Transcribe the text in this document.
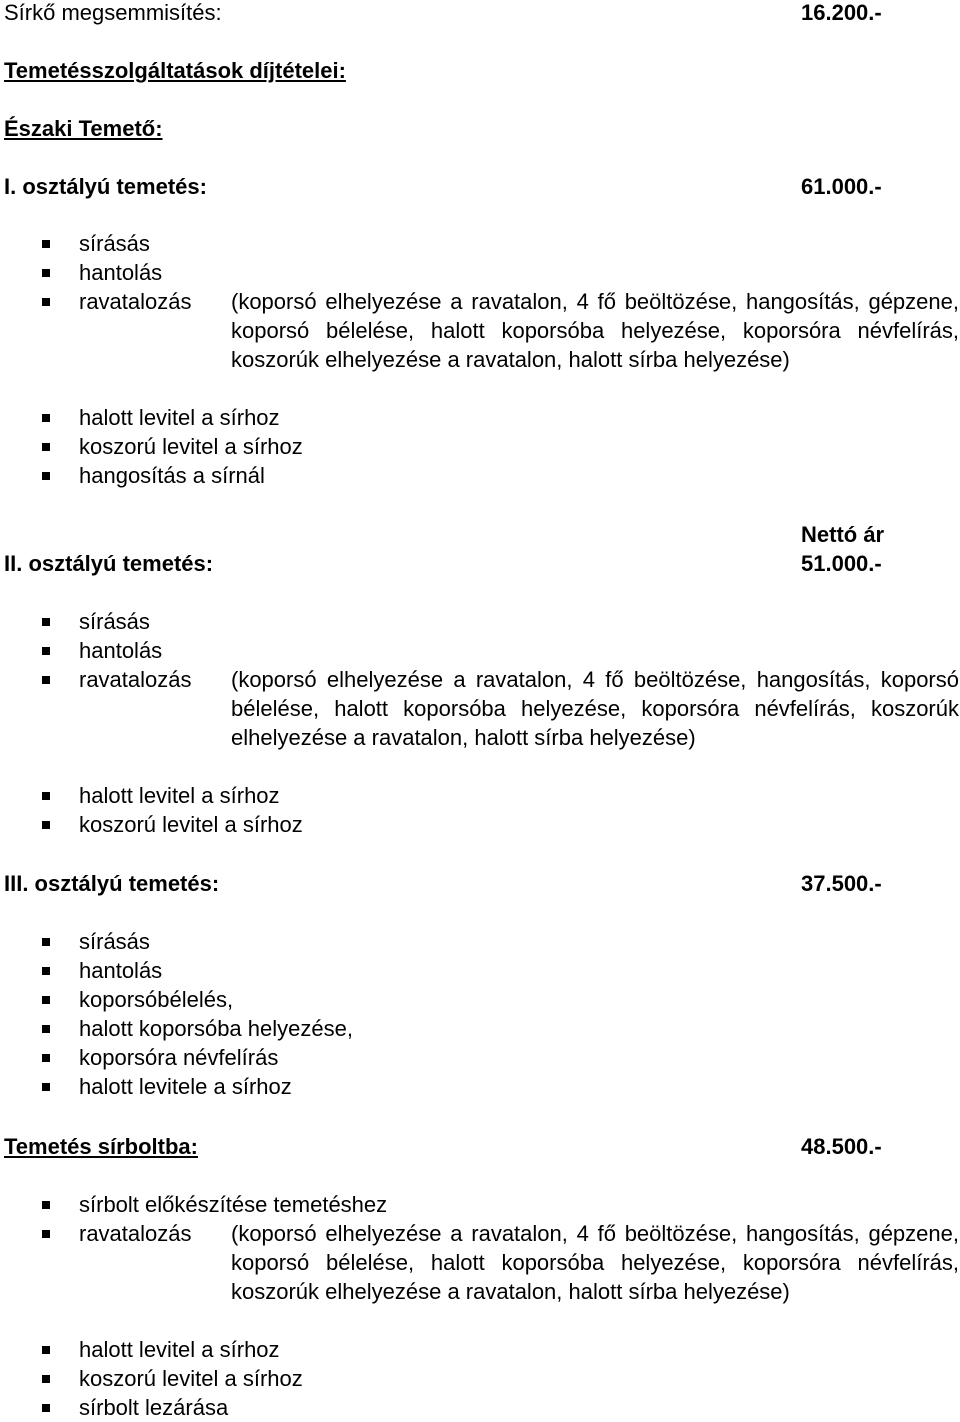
Sírkő megsemmisítés:	16.200.-
Temetésszolgáltatások díjtételei:
Északi Temető:
I. osztályú temetés:	61.000.-
sírásás
hantolás
ravatalozás (koporsó elhelyezése a ravatalon, 4 fő beöltözése, hangosítás, gépzene, koporsó bélelése, halott koporsóba helyezése, koporsóra névfelírás, koszorúk elhelyezése a ravatalon, halott sírba helyezése)
halott levitel a sírhoz
koszorú levitel a sírhoz
hangosítás a sírnál
Nettó ár
II. osztályú temetés:	51.000.-
sírásás
hantolás
ravatalozás (koporsó elhelyezése a ravatalon, 4 fő beöltözése, hangosítás, koporsó bélelése, halott koporsóba helyezése, koporsóra névfelírás, koszorúk elhelyezése a ravatalon, halott sírba helyezése)
halott levitel a sírhoz
koszorú levitel a sírhoz
III. osztályú temetés:	37.500.-
sírásás
hantolás
koporsóbélelés,
halott koporsóba helyezése,
koporsóra névfelírás
halott levitele a sírhoz
Temetés sírboltba:	48.500.-
sírbolt előkészítése temetéshez
ravatalozás (koporsó elhelyezése a ravatalon, 4 fő beöltözése, hangosítás, gépzene, koporsó bélelése, halott koporsóba helyezése, koporsóra névfelírás, koszorúk elhelyezése a ravatalon, halott sírba helyezése)
halott levitel a sírhoz
koszorú levitel a sírhoz
sírbolt lezárása
